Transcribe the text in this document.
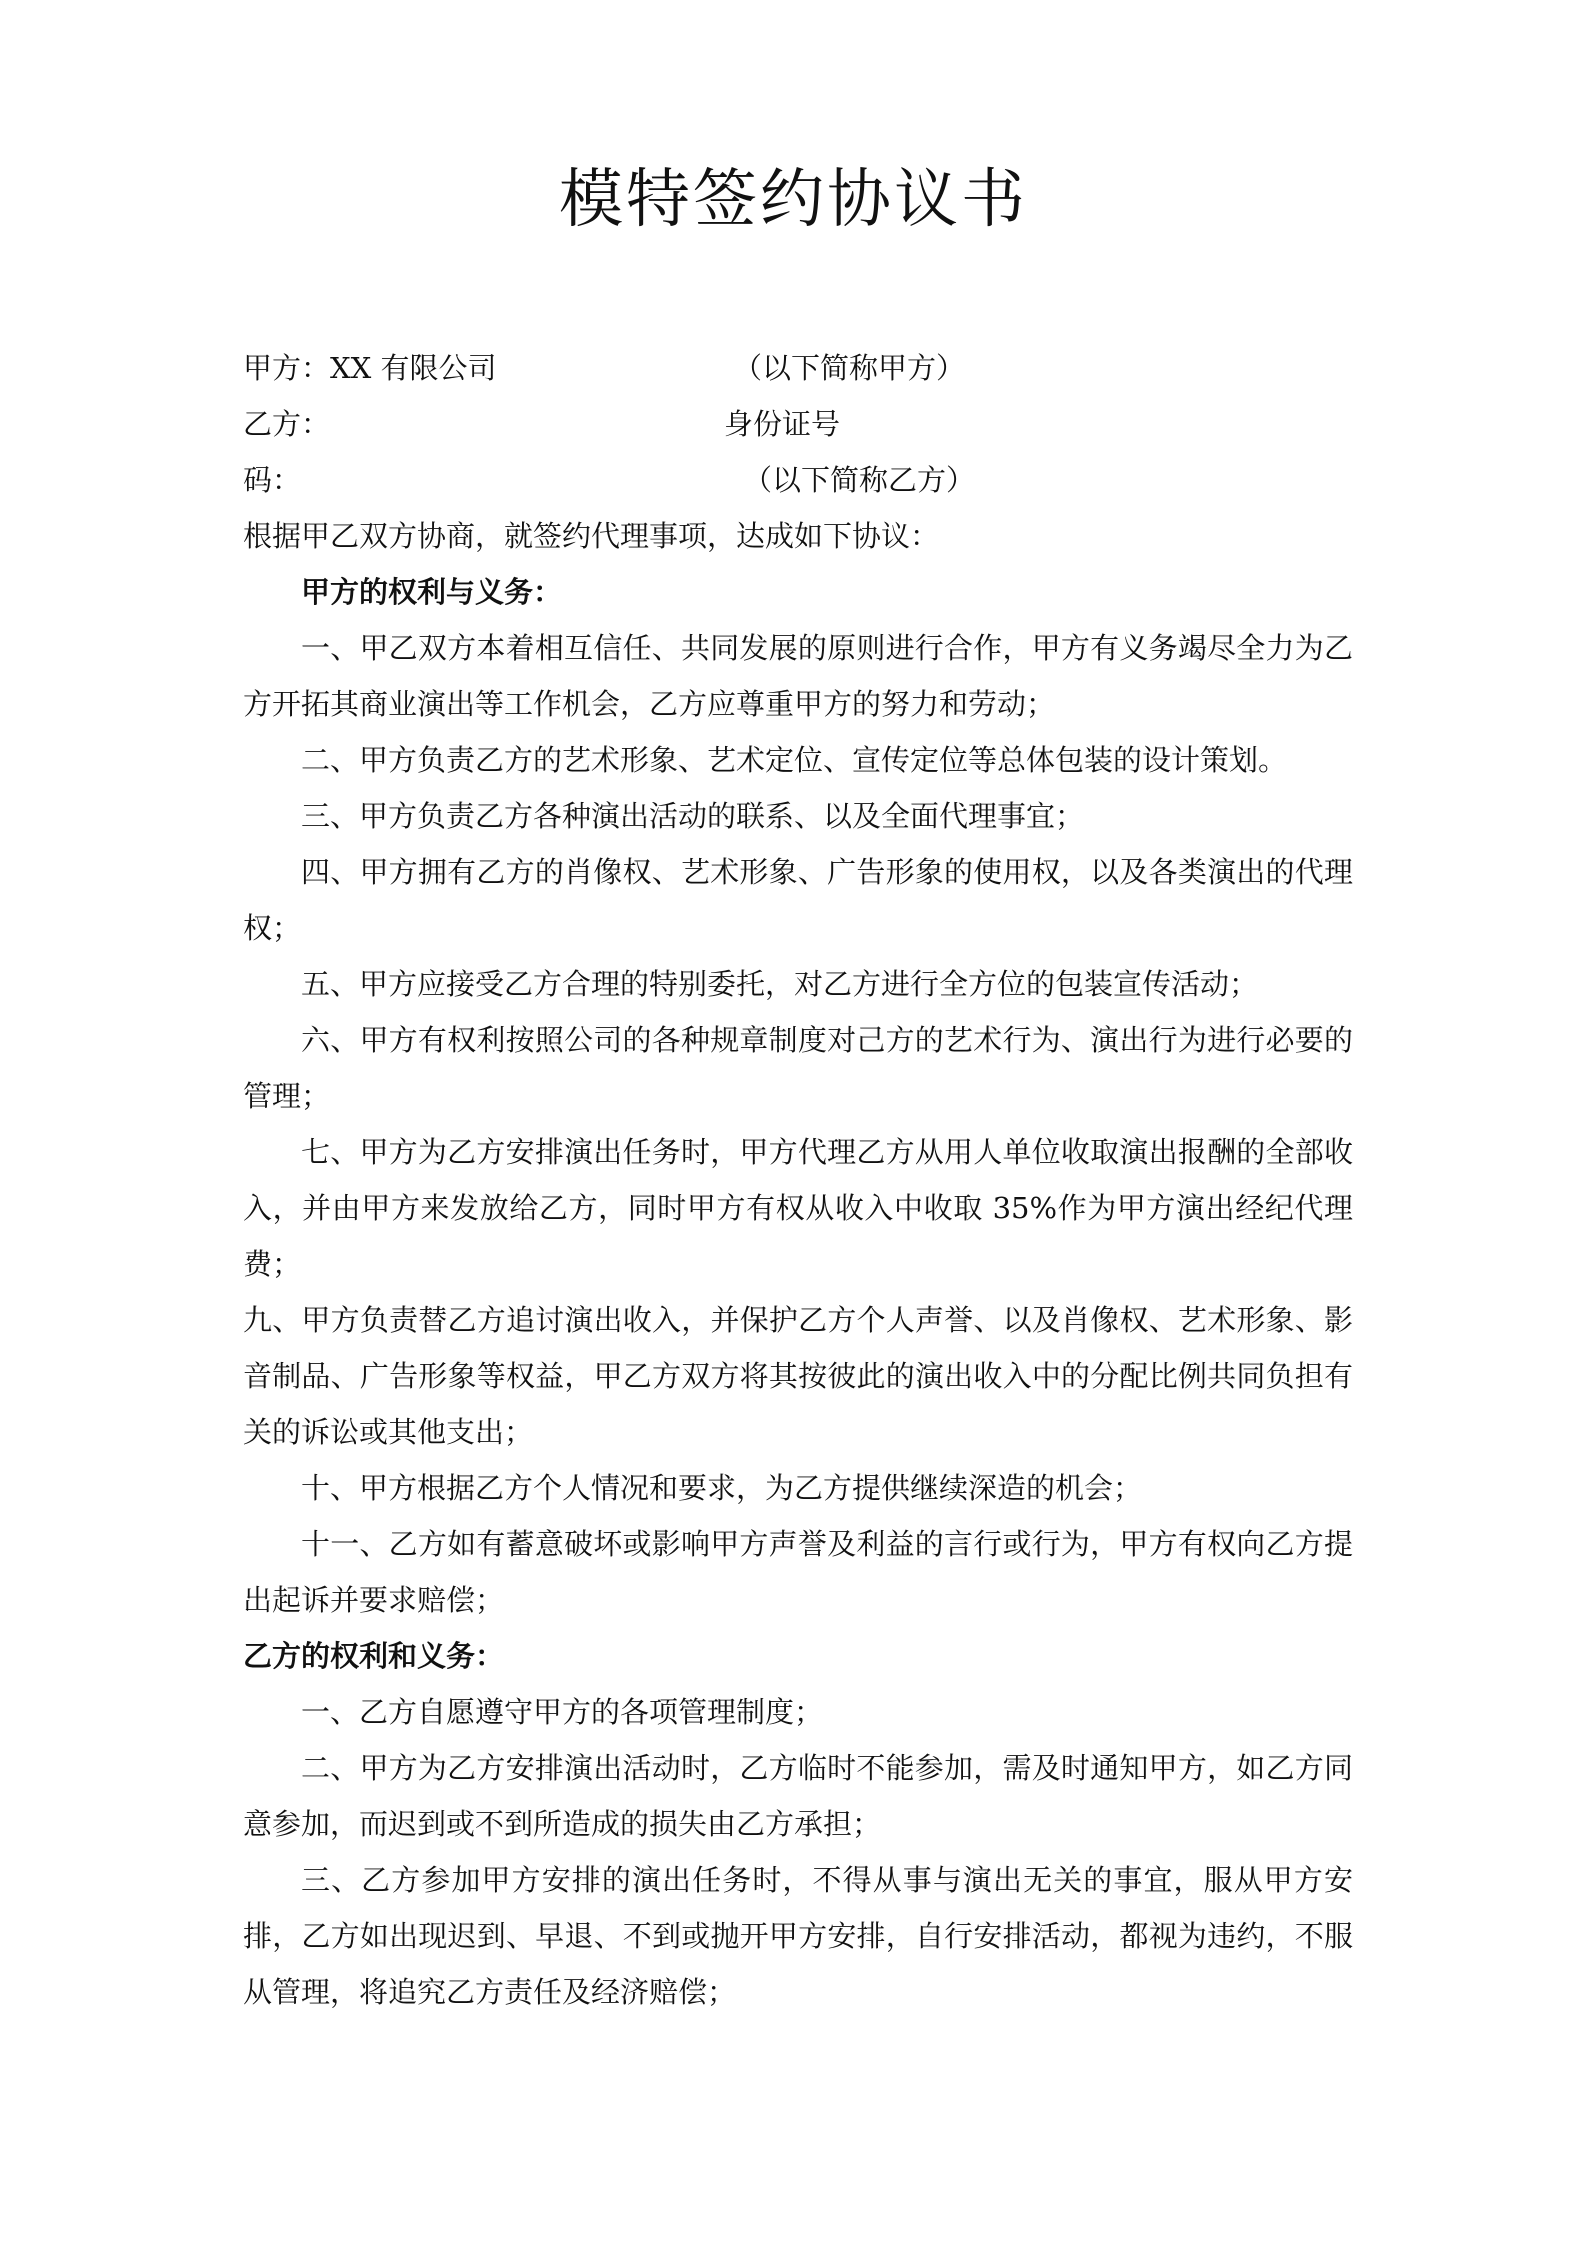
模特签约协议书
甲方：XX 有限公司	（以下简称甲方）
乙方：	身份证号
码：	（以下简称乙方）

根据甲乙双方协商，就签约代理事项，达成如下协议：

甲方的权利与义务：

一、甲乙双方本着相互信任、共同发展的原则进行合作，甲方有义务竭尽全力为乙方开拓其商业演出等工作机会，乙方应尊重甲方的努力和劳动；

二、甲方负责乙方的艺术形象、艺术定位、宣传定位等总体包装的设计策划。

三、甲方负责乙方各种演出活动的联系、以及全面代理事宜；

四、甲方拥有乙方的肖像权、艺术形象、广告形象的使用权，以及各类演出的代理权；

五、甲方应接受乙方合理的特别委托，对乙方进行全方位的包装宣传活动；

六、甲方有权利按照公司的各种规章制度对己方的艺术行为、演出行为进行必要的管理；

七、甲方为乙方安排演出任务时，甲方代理乙方从用人单位收取演出报酬的全部收入，并由甲方来发放给乙方，同时甲方有权从收入中收取 35%作为甲方演出经纪代理费；

九、甲方负责替乙方追讨演出收入，并保护乙方个人声誉、以及肖像权、艺术形象、影音制品、广告形象等权益，甲乙方双方将其按彼此的演出收入中的分配比例共同负担有关的诉讼或其他支出；

十、甲方根据乙方个人情况和要求，为乙方提供继续深造的机会；

十一、乙方如有蓄意破坏或影响甲方声誉及利益的言行或行为，甲方有权向乙方提出起诉并要求赔偿；

乙方的权利和义务：

一、乙方自愿遵守甲方的各项管理制度；

二、甲方为乙方安排演出活动时，乙方临时不能参加，需及时通知甲方，如乙方同意参加，而迟到或不到所造成的损失由乙方承担；

三、乙方参加甲方安排的演出任务时，不得从事与演出无关的事宜，服从甲方安排，乙方如出现迟到、早退、不到或抛开甲方安排，自行安排活动，都视为违约，不服从管理，将追究乙方责任及经济赔偿；
